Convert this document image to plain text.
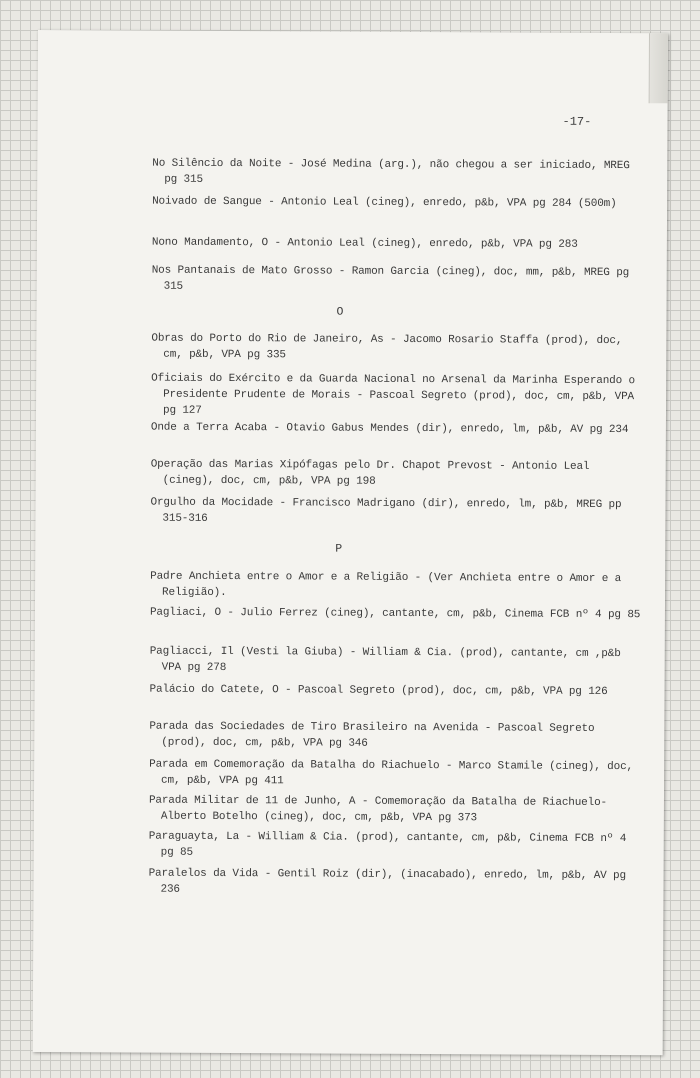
-17-
No Silêncio da Noite - José Medina (arg.), não chegou a ser iniciado, MREG pg 315
Noivado de Sangue - Antonio Leal (cineg), enredo, p&b, VPA pg 284 (500m)
Nono Mandamento, O - Antonio Leal (cineg), enredo, p&b, VPA pg 283
Nos Pantanais de Mato Grosso - Ramon Garcia (cineg), doc, mm, p&b, MREG pg 315
O
Obras do Porto do Rio de Janeiro, As - Jacomo Rosario Staffa (prod), doc, cm, p&b, VPA pg 335
Oficiais do Exército e da Guarda Nacional no Arsenal da Marinha Esperando o Presidente Prudente de Morais - Pascoal Segreto (prod), doc, cm, p&b, VPA pg 127
Onde a Terra Acaba - Otavio Gabus Mendes (dir), enredo, lm, p&b, AV pg 234
Operação das Marias Xipófagas pelo Dr. Chapot Prevost - Antonio Leal (cineg), doc, cm, p&b, VPA pg 198
Orgulho da Mocidade - Francisco Madrigano (dir), enredo, lm, p&b, MREG pp 315-316
P
Padre Anchieta entre o Amor e a Religião - (Ver Anchieta entre o Amor e a Religião).
Pagliaci, O - Julio Ferrez (cineg), cantante, cm, p&b, Cinema FCB nº 4 pg 85
Pagliacci, Il (Vesti la Giuba) - William & Cia. (prod), cantante, cm ,p&b VPA pg 278
Palácio do Catete, O - Pascoal Segreto (prod), doc, cm, p&b, VPA pg 126
Parada das Sociedades de Tiro Brasileiro na Avenida - Pascoal Segreto (prod), doc, cm, p&b, VPA pg 346
Parada em Comemoração da Batalha do Riachuelo - Marco Stamile (cineg), doc, cm, p&b, VPA pg 411
Parada Militar de 11 de Junho, A - Comemoração da Batalha de Riachuelo- Alberto Botelho (cineg), doc, cm, p&b, VPA pg 373
Paraguayta, La - William & Cia. (prod), cantante, cm, p&b, Cinema FCB nº 4 pg 85
Paralelos da Vida - Gentil Roiz (dir), (inacabado), enredo, lm, p&b, AV pg 236
